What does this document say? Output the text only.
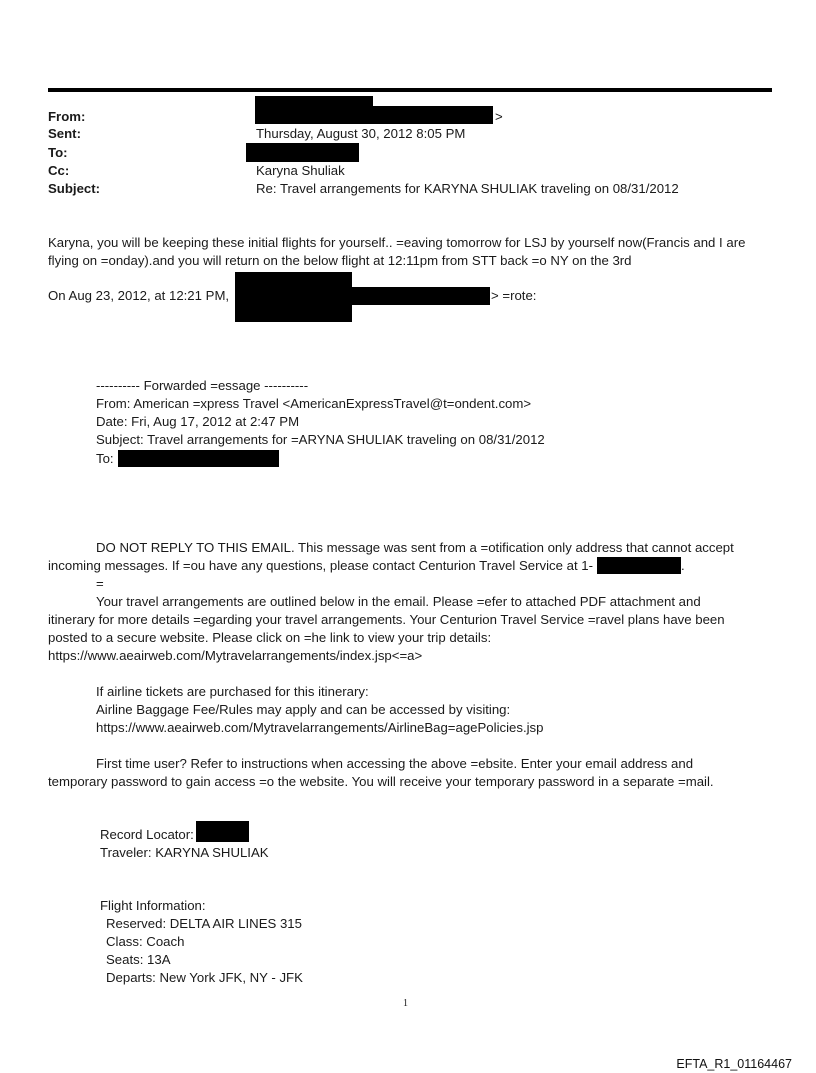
From:	>
Sent:	Thursday, August 30, 2012 8:05 PM
To:
Cc:	Karyna Shuliak
Subject:	Re: Travel arrangements for KARYNA SHULIAK traveling on 08/31/2012
Karyna, you will be keeping these initial flights for yourself.. =eaving tomorrow for LSJ by yourself now(Francis and I are
flying on =onday).and you will return on the below flight at 12:11pm from STT back =o NY on the 3rd
On Aug 23, 2012, at 12:21 PM,	> =rote:
---------- Forwarded =essage ----------
From: American =xpress Travel <AmericanExpressTravel@t=ondent.com>
Date: Fri, Aug 17, 2012 at 2:47 PM
Subject: Travel arrangements for =ARYNA SHULIAK traveling on 08/31/2012
To:
DO NOT REPLY TO THIS EMAIL. This message was sent from a =otification only address that cannot accept
incoming messages. If =ou have any questions, please contact Centurion Travel Service at 1-	.
=
Your travel arrangements are outlined below in the email. Please =efer to attached PDF attachment and
itinerary for more details =egarding your travel arrangements. Your Centurion Travel Service =ravel plans have been
posted to a secure website. Please click on =he link to view your trip details:
https://www.aeairweb.com/Mytravelarrangements/index.jsp<=a>
If airline tickets are purchased for this itinerary:
Airline Baggage Fee/Rules may apply and can be accessed by visiting:
https://www.aeairweb.com/Mytravelarrangements/AirlineBag=agePolicies.jsp
First time user? Refer to instructions when accessing the above =ebsite. Enter your email address and
temporary password to gain access =o the website. You will receive your temporary password in a separate =mail.
Record Locator:
Traveler: KARYNA SHULIAK
Flight Information:
Reserved: DELTA AIR LINES 315
Class: Coach
Seats: 13A
Departs: New York JFK, NY - JFK
1
EFTA_R1_01164467
